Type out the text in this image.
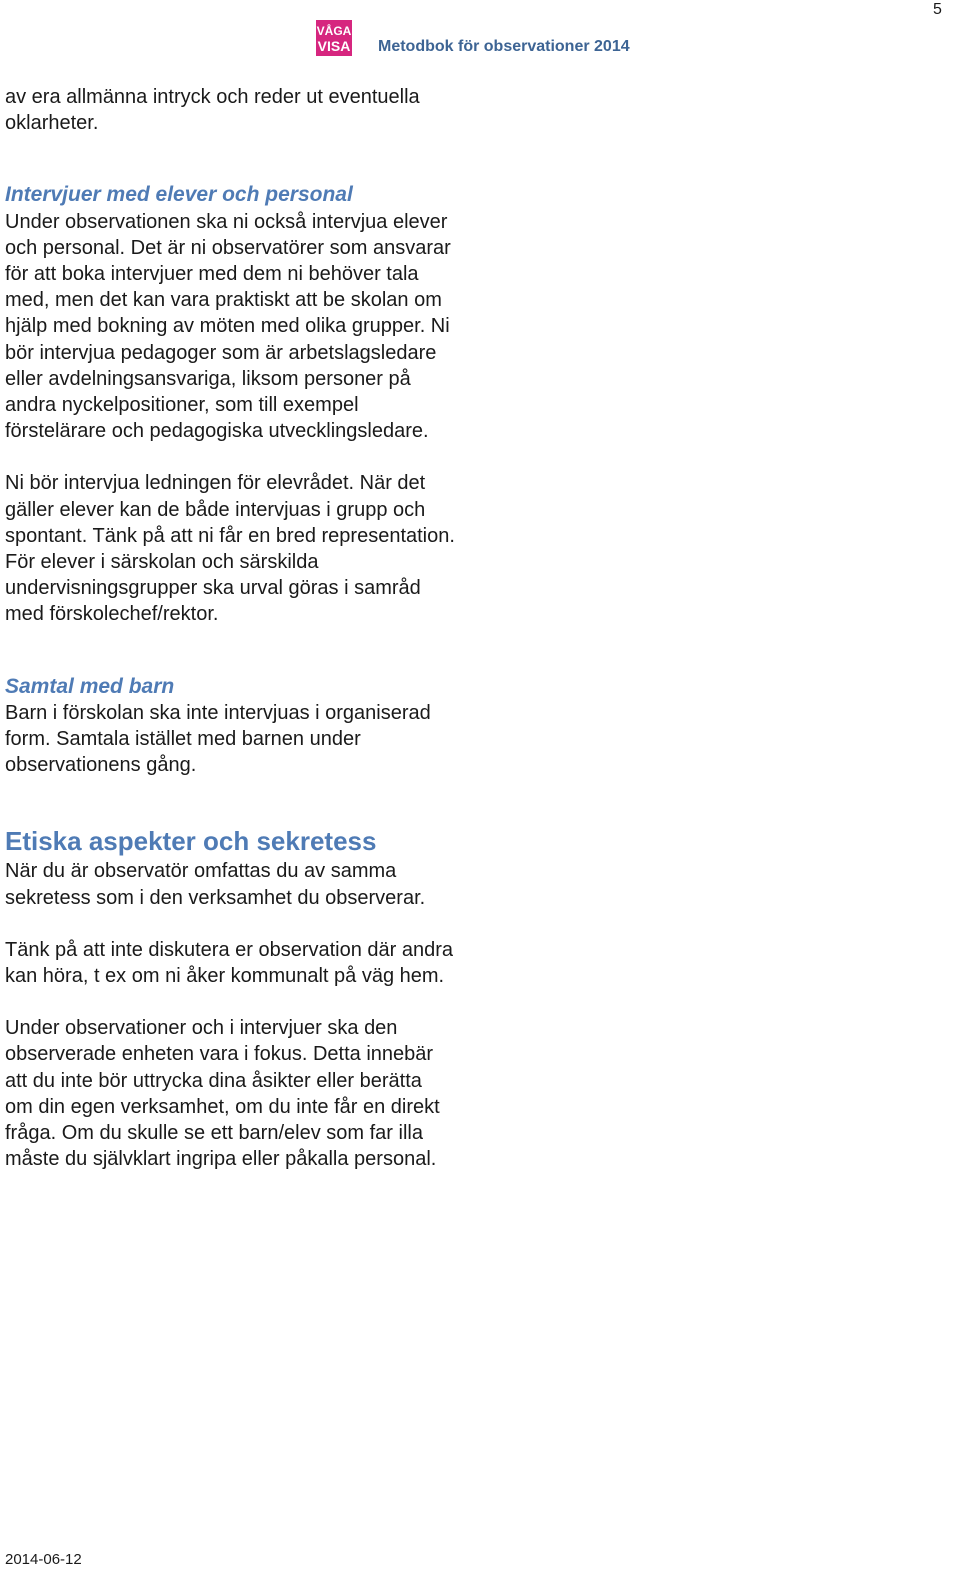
5
VÅGA
VISA Metodbok för observationer 2014

av era allmänna intryck och reder ut eventuella oklarheter.

Intervjuer med elever och personal

Under observationen ska ni också intervjua elever och personal. Det är ni observatörer som ansvarar för att boka intervjuer med dem ni behöver tala med, men det kan vara praktiskt att be skolan om hjälp med bokning av möten med olika grupper. Ni bör intervjua pedagoger som är arbetslagsledare eller avdelningsansvariga, liksom personer på andra nyckelpositioner, som till exempel förstelärare och pedagogiska utvecklingsledare.

Ni bör intervjua ledningen för elevrådet. När det gäller elever kan de både intervjuas i grupp och spontant. Tänk på att ni får en bred representation. För elever i särskolan och särskilda undervisningsgrupper ska urval göras i samråd med förskolechef/rektor.

Samtal med barn

Barn i förskolan ska inte intervjuas i organiserad form. Samtala istället med barnen under observationens gång.

Etiska aspekter och sekretess

När du är observatör omfattas du av samma sekretess som i den verksamhet du observerar.

Tänk på att inte diskutera er observation där andra kan höra, t ex om ni åker kommunalt på väg hem.

Under observationer och i intervjuer ska den observerade enheten vara i fokus. Detta innebär att du inte bör uttrycka dina åsikter eller berätta om din egen verksamhet, om du inte får en direkt fråga. Om du skulle se ett barn/elev som far illa måste du självklart ingripa eller påkalla personal.

2014-06-12
